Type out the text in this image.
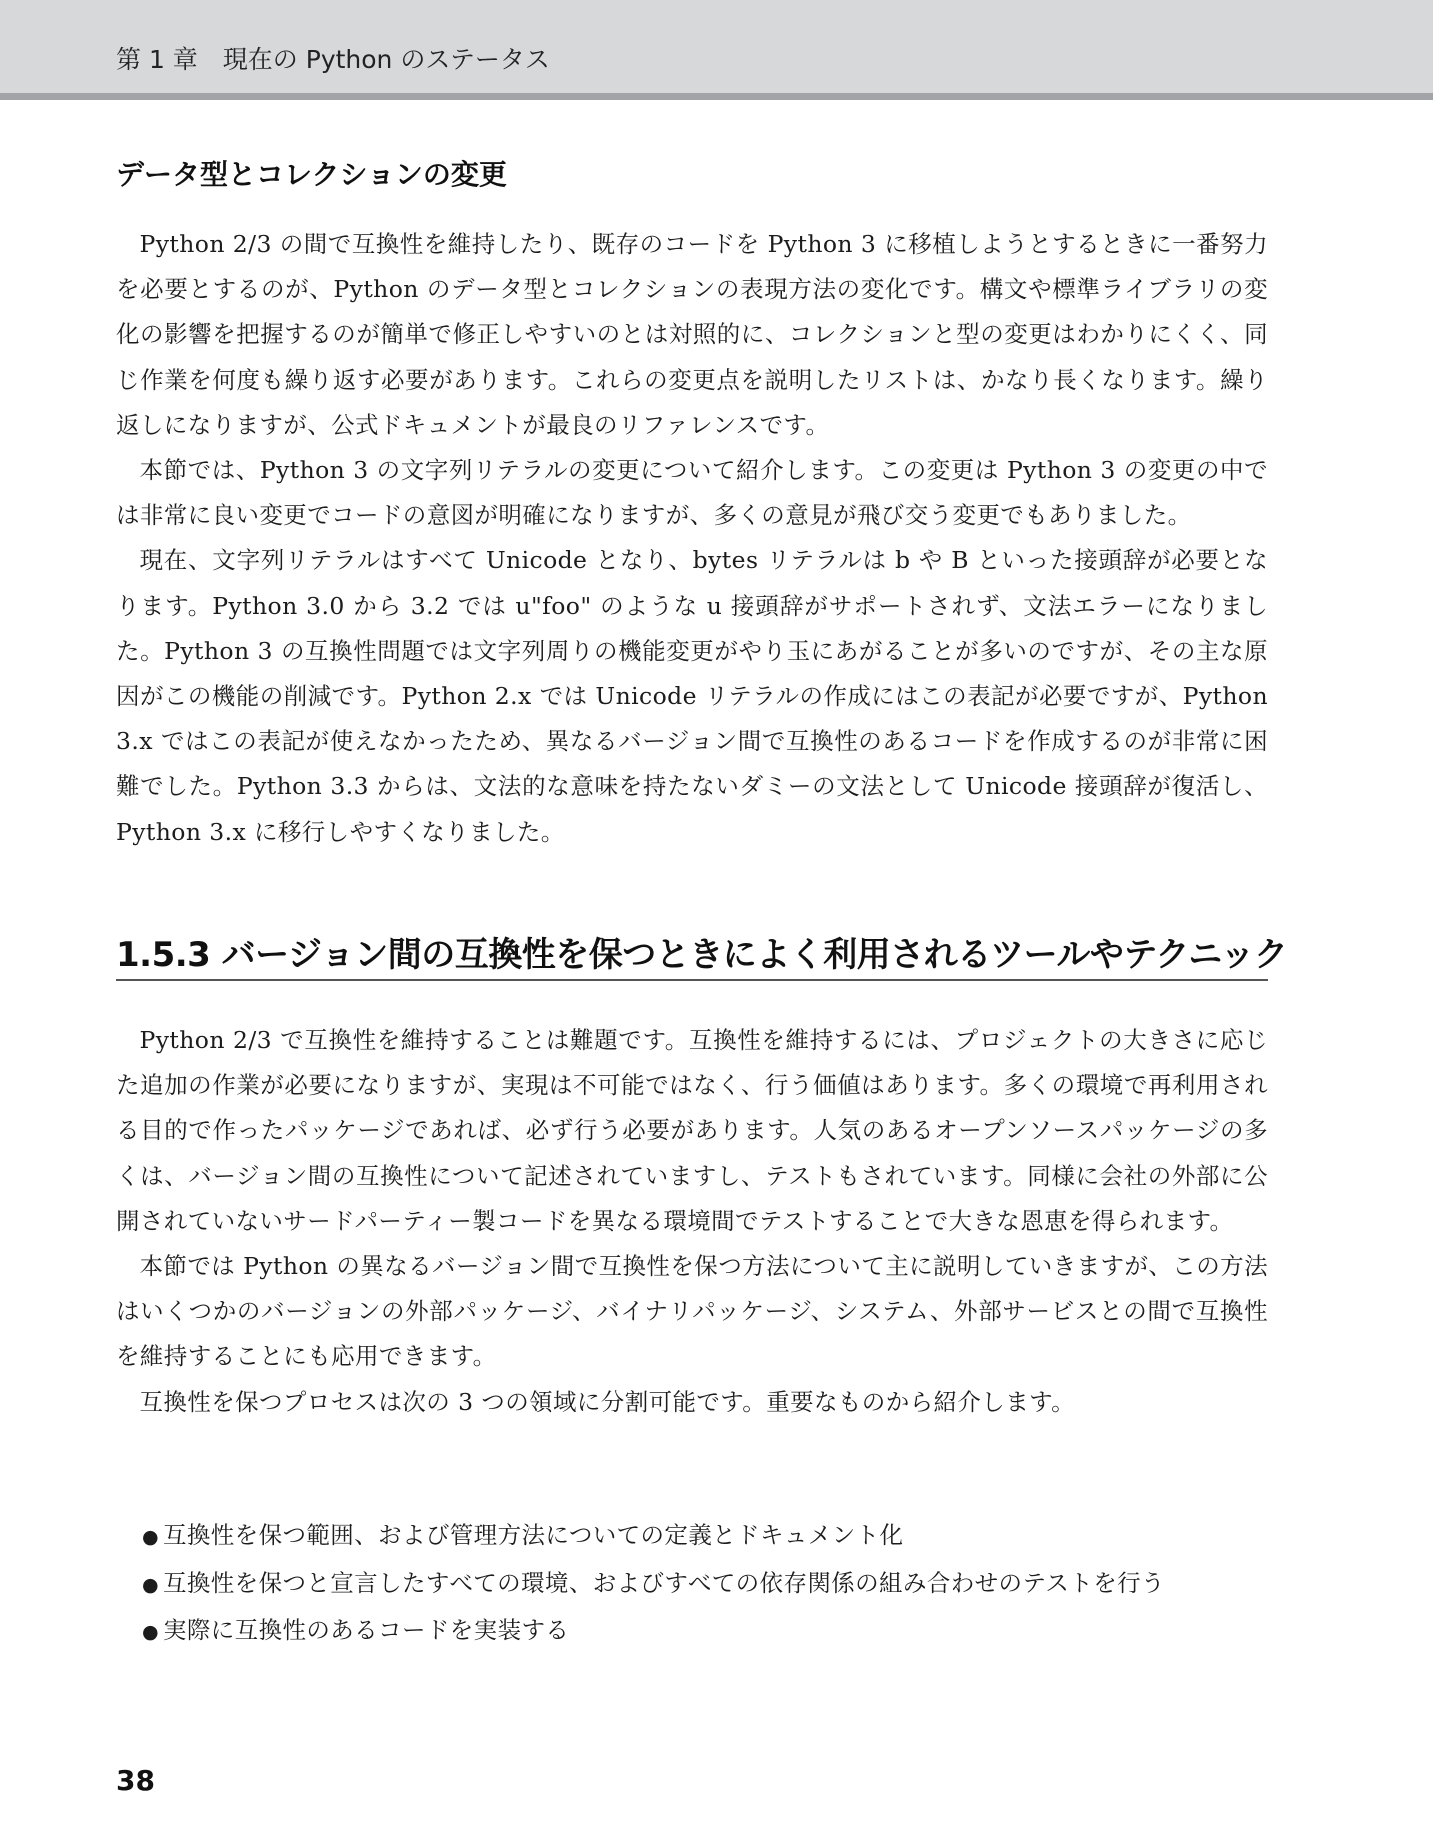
第 1 章　現在の Python のステータス
データ型とコレクションの変更

Python 2/3 の間で互換性を維持したり、既存のコードを Python 3 に移植しようとするときに一番努力を必要とするのが、Python のデータ型とコレクションの表現方法の変化です。構文や標準ライブラリの変化の影響を把握するのが簡単で修正しやすいのとは対照的に、コレクションと型の変更はわかりにくく、同じ作業を何度も繰り返す必要があります。これらの変更点を説明したリストは、かなり長くなります。繰り返しになりますが、公式ドキュメントが最良のリファレンスです。

本節では、Python 3 の文字列リテラルの変更について紹介します。この変更は Python 3 の変更の中では非常に良い変更でコードの意図が明確になりますが、多くの意見が飛び交う変更でもありました。

現在、文字列リテラルはすべて Unicode となり、bytes リテラルは b や B といった接頭辞が必要となります。Python 3.0 から 3.2 では u"foo" のような u 接頭辞がサポートされず、文法エラーになりました。Python 3 の互換性問題では文字列周りの機能変更がやり玉にあがることが多いのですが、その主な原因がこの機能の削減です。Python 2.x では Unicode リテラルの作成にはこの表記が必要ですが、Python 3.x ではこの表記が使えなかったため、異なるバージョン間で互換性のあるコードを作成するのが非常に困難でした。Python 3.3 からは、文法的な意味を持たないダミーの文法として Unicode 接頭辞が復活し、Python 3.x に移行しやすくなりました。

1.5.3 バージョン間の互換性を保つときによく利用されるツールやテクニック

Python 2/3 で互換性を維持することは難題です。互換性を維持するには、プロジェクトの大きさに応じた追加の作業が必要になりますが、実現は不可能ではなく、行う価値はあります。多くの環境で再利用される目的で作ったパッケージであれば、必ず行う必要があります。人気のあるオープンソースパッケージの多くは、バージョン間の互換性について記述されていますし、テストもされています。同様に会社の外部に公開されていないサードパーティー製コードを異なる環境間でテストすることで大きな恩恵を得られます。

本節では Python の異なるバージョン間で互換性を保つ方法について主に説明していきますが、この方法はいくつかのバージョンの外部パッケージ、バイナリパッケージ、システム、外部サービスとの間で互換性を維持することにも応用できます。

互換性を保つプロセスは次の 3 つの領域に分割可能です。重要なものから紹介します。

● 互換性を保つ範囲、および管理方法についての定義とドキュメント化
● 互換性を保つと宣言したすべての環境、およびすべての依存関係の組み合わせのテストを行う
● 実際に互換性のあるコードを実装する
38
